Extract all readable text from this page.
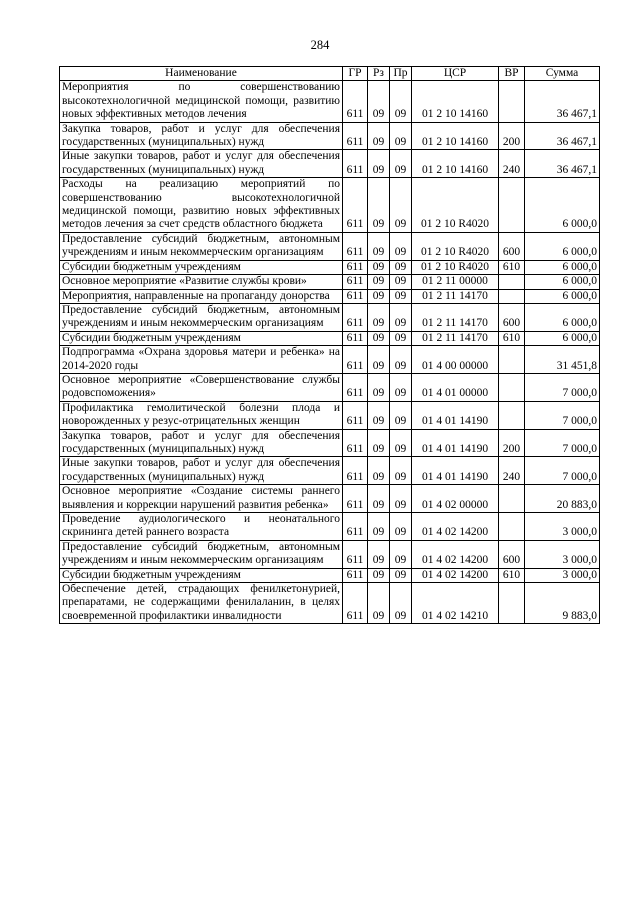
284
Наименование	ГР	Рз	Пр	ЦСР	ВР	Сумма
Мероприятия по совершенствованию высокотехнологичной медицинской помощи, развитию новых эффективных методов лечения	611	09	09	01 2 10 14160		36 467,1
Закупка товаров, работ и услуг для обеспечения государственных (муниципальных) нужд	611	09	09	01 2 10 14160	200	36 467,1
Иные закупки товаров, работ и услуг для обеспечения государственных (муниципальных) нужд	611	09	09	01 2 10 14160	240	36 467,1
Расходы на реализацию мероприятий по совершенствованию высокотехнологичной медицинской помощи, развитию новых эффективных методов лечения за счет средств областного бюджета	611	09	09	01 2 10 R4020		6 000,0
Предоставление субсидий бюджетным, автономным учреждениям и иным некоммерческим организациям	611	09	09	01 2 10 R4020	600	6 000,0
Субсидии бюджетным учреждениям	611	09	09	01 2 10 R4020	610	6 000,0
Основное мероприятие «Развитие службы крови»	611	09	09	01 2 11 00000		6 000,0
Мероприятия, направленные на пропаганду донорства	611	09	09	01 2 11 14170		6 000,0
Предоставление субсидий бюджетным, автономным учреждениям и иным некоммерческим организациям	611	09	09	01 2 11 14170	600	6 000,0
Субсидии бюджетным учреждениям	611	09	09	01 2 11 14170	610	6 000,0
Подпрограмма «Охрана здоровья матери и ребенка» на 2014-2020 годы	611	09	09	01 4 00 00000		31 451,8
Основное мероприятие «Совершенствование службы родовспоможения»	611	09	09	01 4 01 00000		7 000,0
Профилактика гемолитической болезни плода и новорожденных у резус-отрицательных женщин	611	09	09	01 4 01 14190		7 000,0
Закупка товаров, работ и услуг для обеспечения государственных (муниципальных) нужд	611	09	09	01 4 01 14190	200	7 000,0
Иные закупки товаров, работ и услуг для обеспечения государственных (муниципальных) нужд	611	09	09	01 4 01 14190	240	7 000,0
Основное мероприятие «Создание системы раннего выявления и коррекции нарушений развития ребенка»	611	09	09	01 4 02 00000		20 883,0
Проведение аудиологического и неонатального скрининга детей раннего возраста	611	09	09	01 4 02 14200		3 000,0
Предоставление субсидий бюджетным, автономным учреждениям и иным некоммерческим организациям	611	09	09	01 4 02 14200	600	3 000,0
Субсидии бюджетным учреждениям	611	09	09	01 4 02 14200	610	3 000,0
Обеспечение детей, страдающих фенилкетонурией, препаратами, не содержащими фенилаланин, в целях своевременной профилактики инвалидности	611	09	09	01 4 02 14210		9 883,0
